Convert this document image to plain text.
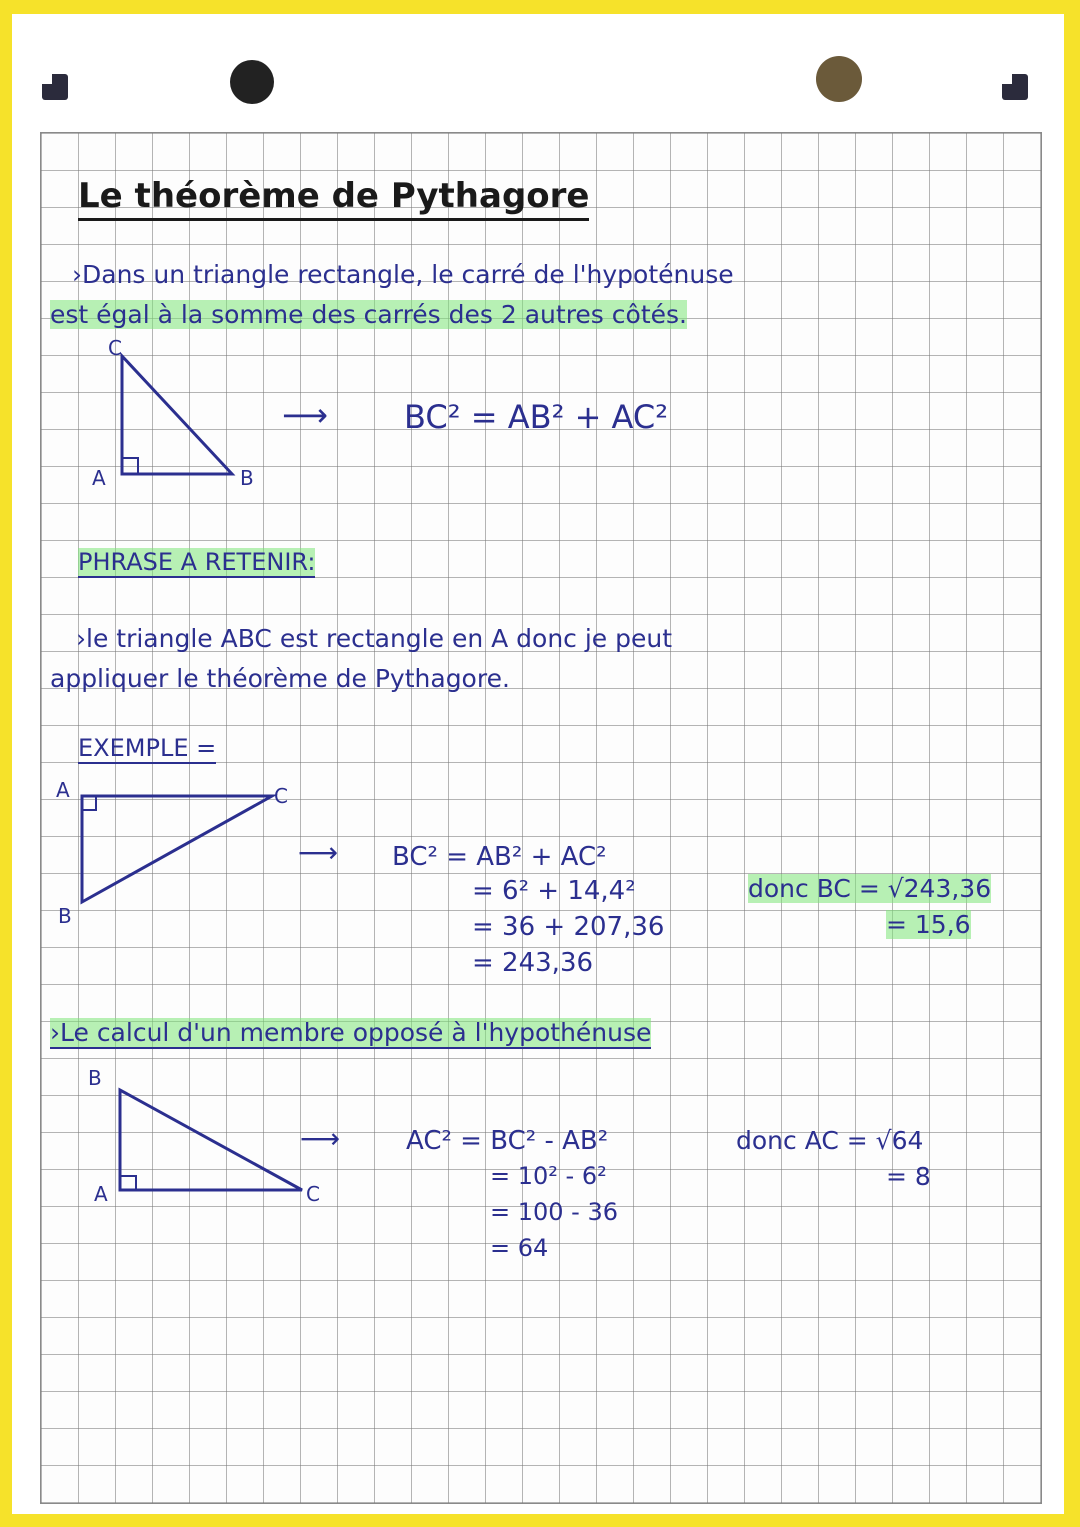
Le théorème de Pythagore
›Dans un triangle rectangle, le carré de l'hypoténuse
est égal à la somme des carrés des 2 autres côtés.
C
A	B
⟶ BC² = AB² + AC²
PHRASE A RETENIR:
›le triangle ABC est rectangle en A donc je peut
appliquer le théorème de Pythagore.
EXEMPLE =
A
B
C
⟶ BC² = AB² + AC²
= 6² + 14,4²
= 36 + 207,36
= 243,36
donc BC = √243,36
= 15,6
›Le calcul d'un membre opposé à l'hypothénuse
B
A	C
⟶	AC² = BC² - AB²
= 10² - 6²
= 100 - 36
= 64
donc AC = √64
= 8
